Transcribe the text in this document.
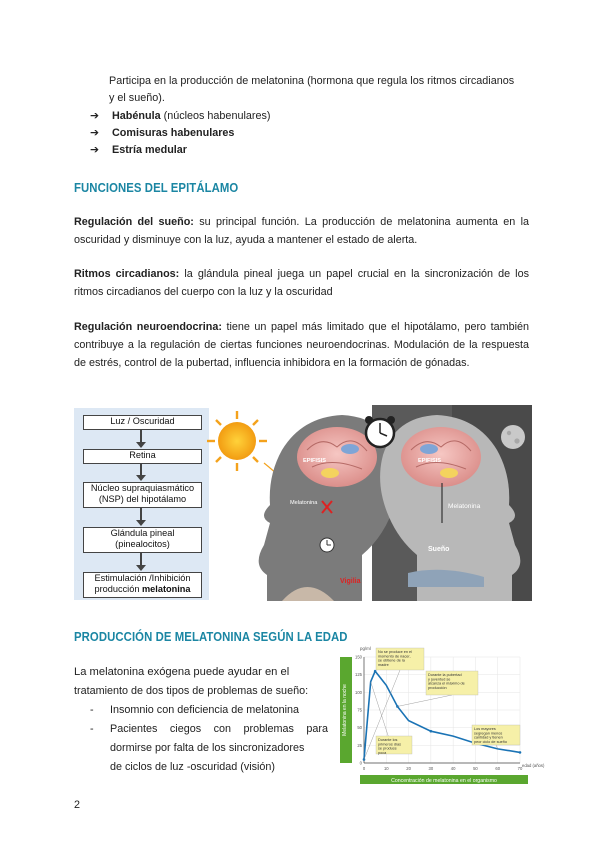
Participa en la producción de melatonina (hormona que regula los ritmos circadianos
y el sueño).
➔ Habénula (núcleos habenulares)
➔ Comisuras habenulares
➔ Estría medular
FUNCIONES DEL EPITÁLAMO
Regulación del sueño: su principal función. La producción de melatonina aumenta en la oscuridad y disminuye con la luz, ayuda a mantener el estado de alerta.
Ritmos circadianos: la glándula pineal juega un papel crucial en la sincronización de los ritmos circadianos del cuerpo con la luz y la oscuridad
Regulación neuroendocrina: tiene un papel más limitado que el hipotálamo, pero también contribuye a la regulación de ciertas funciones neuroendocrinas. Modulación de la respuesta de estrés, control de la pubertad, influencia inhibidora en la formación de gónadas.
Luz / Oscuridad
Retina
Núcleo supraquiasmático (NSP) del hipotálamo
Glándula pineal (pinealocitos)
Estimulación /Inhibición producción melatonina
EPIFISIS
Melatonina
Vigilia
EPIFISIS
Melatonina
Sueño
PRODUCCIÓN DE MELATONINA SEGÚN LA EDAD
La melatonina exógena puede ayudar en el
tratamiento de dos tipos de problemas de sueño:
- Insomnio con deficiencia de melatonina
- Pacientes ciegos con problemas para
dormirse por falta de los sincronizadores
de ciclos de luz -oscuridad (visión)
Melatonina en la noche
Concentración de melatonina en el organismo
0
25
50
75
100
125
150
0	10	20	30	40	50	60	70
pg/ml
edad (años)
No se produce en el momento de nacer, se obtiene de la madre
Durante la pubertad y juventud se alcanza el máximo de producción
Los mayores segregan menos cantidad y tienen peor ciclo de sueño
Durante los primeros días se produce poca
2
